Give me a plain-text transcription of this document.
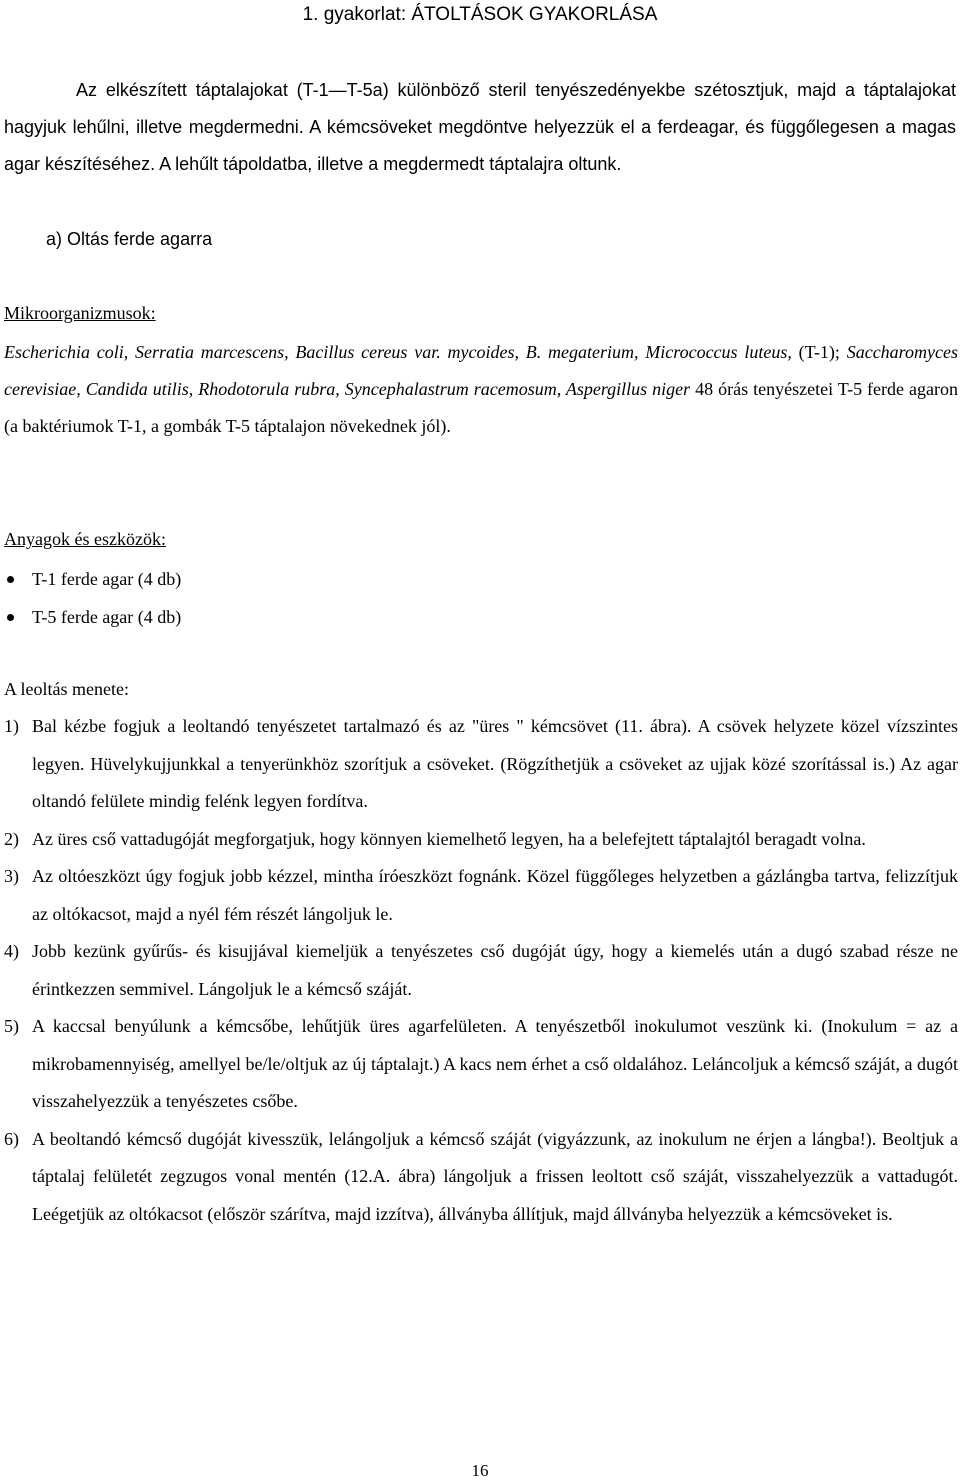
1. gyakorlat: ÁTOLTÁSOK GYAKORLÁSA
Az elkészített táptalajokat (T-1—T-5a) különböző steril tenyészedényekbe szétosztjuk, majd a táptalajokat hagyjuk lehűlni, illetve megdermedni. A kémcsöveket megdöntve helyezzük el a ferdeagar, és függőlegesen a magas agar készítéséhez. A lehűlt tápoldatba, illetve a megdermedt táptalajra oltunk.
a) Oltás ferde agarra
Mikroorganizmusok:
Escherichia coli, Serratia marcescens, Bacillus cereus var. mycoides, B. megaterium, Micrococcus luteus, (T-1); Saccharomyces cerevisiae, Candida utilis, Rhodotorula rubra, Syncephalastrum racemosum, Aspergillus niger 48 órás tenyészetei T-5 ferde agaron (a baktériumok T-1, a gombák T-5 táptalajon növekednek jól).
Anyagok és eszközök:
T-1 ferde agar (4 db)
T-5 ferde agar (4 db)
A leoltás menete:
1) Bal kézbe fogjuk a leoltandó tenyészetet tartalmazó és az "üres " kémcsövet (11. ábra). A csövek helyzete közel vízszintes legyen. Hüvelykujjunkkal a tenyerünkhöz szorítjuk a csöveket. (Rögzíthetjük a csöveket az ujjak közé szorítással is.) Az agar oltandó felülete mindig felénk legyen fordítva.
2) Az üres cső vattadugóját megforgatjuk, hogy könnyen kiemelhető legyen, ha a belefejtett táptalajtól beragadt volna.
3) Az oltóeszközt úgy fogjuk jobb kézzel, mintha íróeszközt fognánk. Közel függőleges helyzetben a gázlángba tartva, felizzítjuk az oltókacsot, majd a nyél fém részét lángoljuk le.
4) Jobb kezünk gyűrűs- és kisujjával kiemeljük a tenyészetes cső dugóját úgy, hogy a kiemelés után a dugó szabad része ne érintkezzen semmivel. Lángoljuk le a kémcső száját.
5) A kaccsal benyúlunk a kémcsőbe, lehűtjük üres agarfelületen. A tenyészetből inokulumot veszünk ki. (Inokulum = az a mikrobamennyiség, amellyel be/le/oltjuk az új táptalajt.) A kacs nem érhet a cső oldalához. Leláncoljuk a kémcső száját, a dugót visszahelyezzük a tenyészetes csőbe.
6) A beoltandó kémcső dugóját kivesszük, lelángoljuk a kémcső száját (vigyázzunk, az inokulum ne érjen a lángba!). Beoltjuk a táptalaj felületét zegzugos vonal mentén (12.A. ábra) lángoljuk a frissen leoltott cső száját, visszahelyezzük a vattadugót. Leégetjük az oltókacsot (először szárítva, majd izzítva), állványba állítjuk, majd állványba helyezzük a kémcsöveket is.
16
